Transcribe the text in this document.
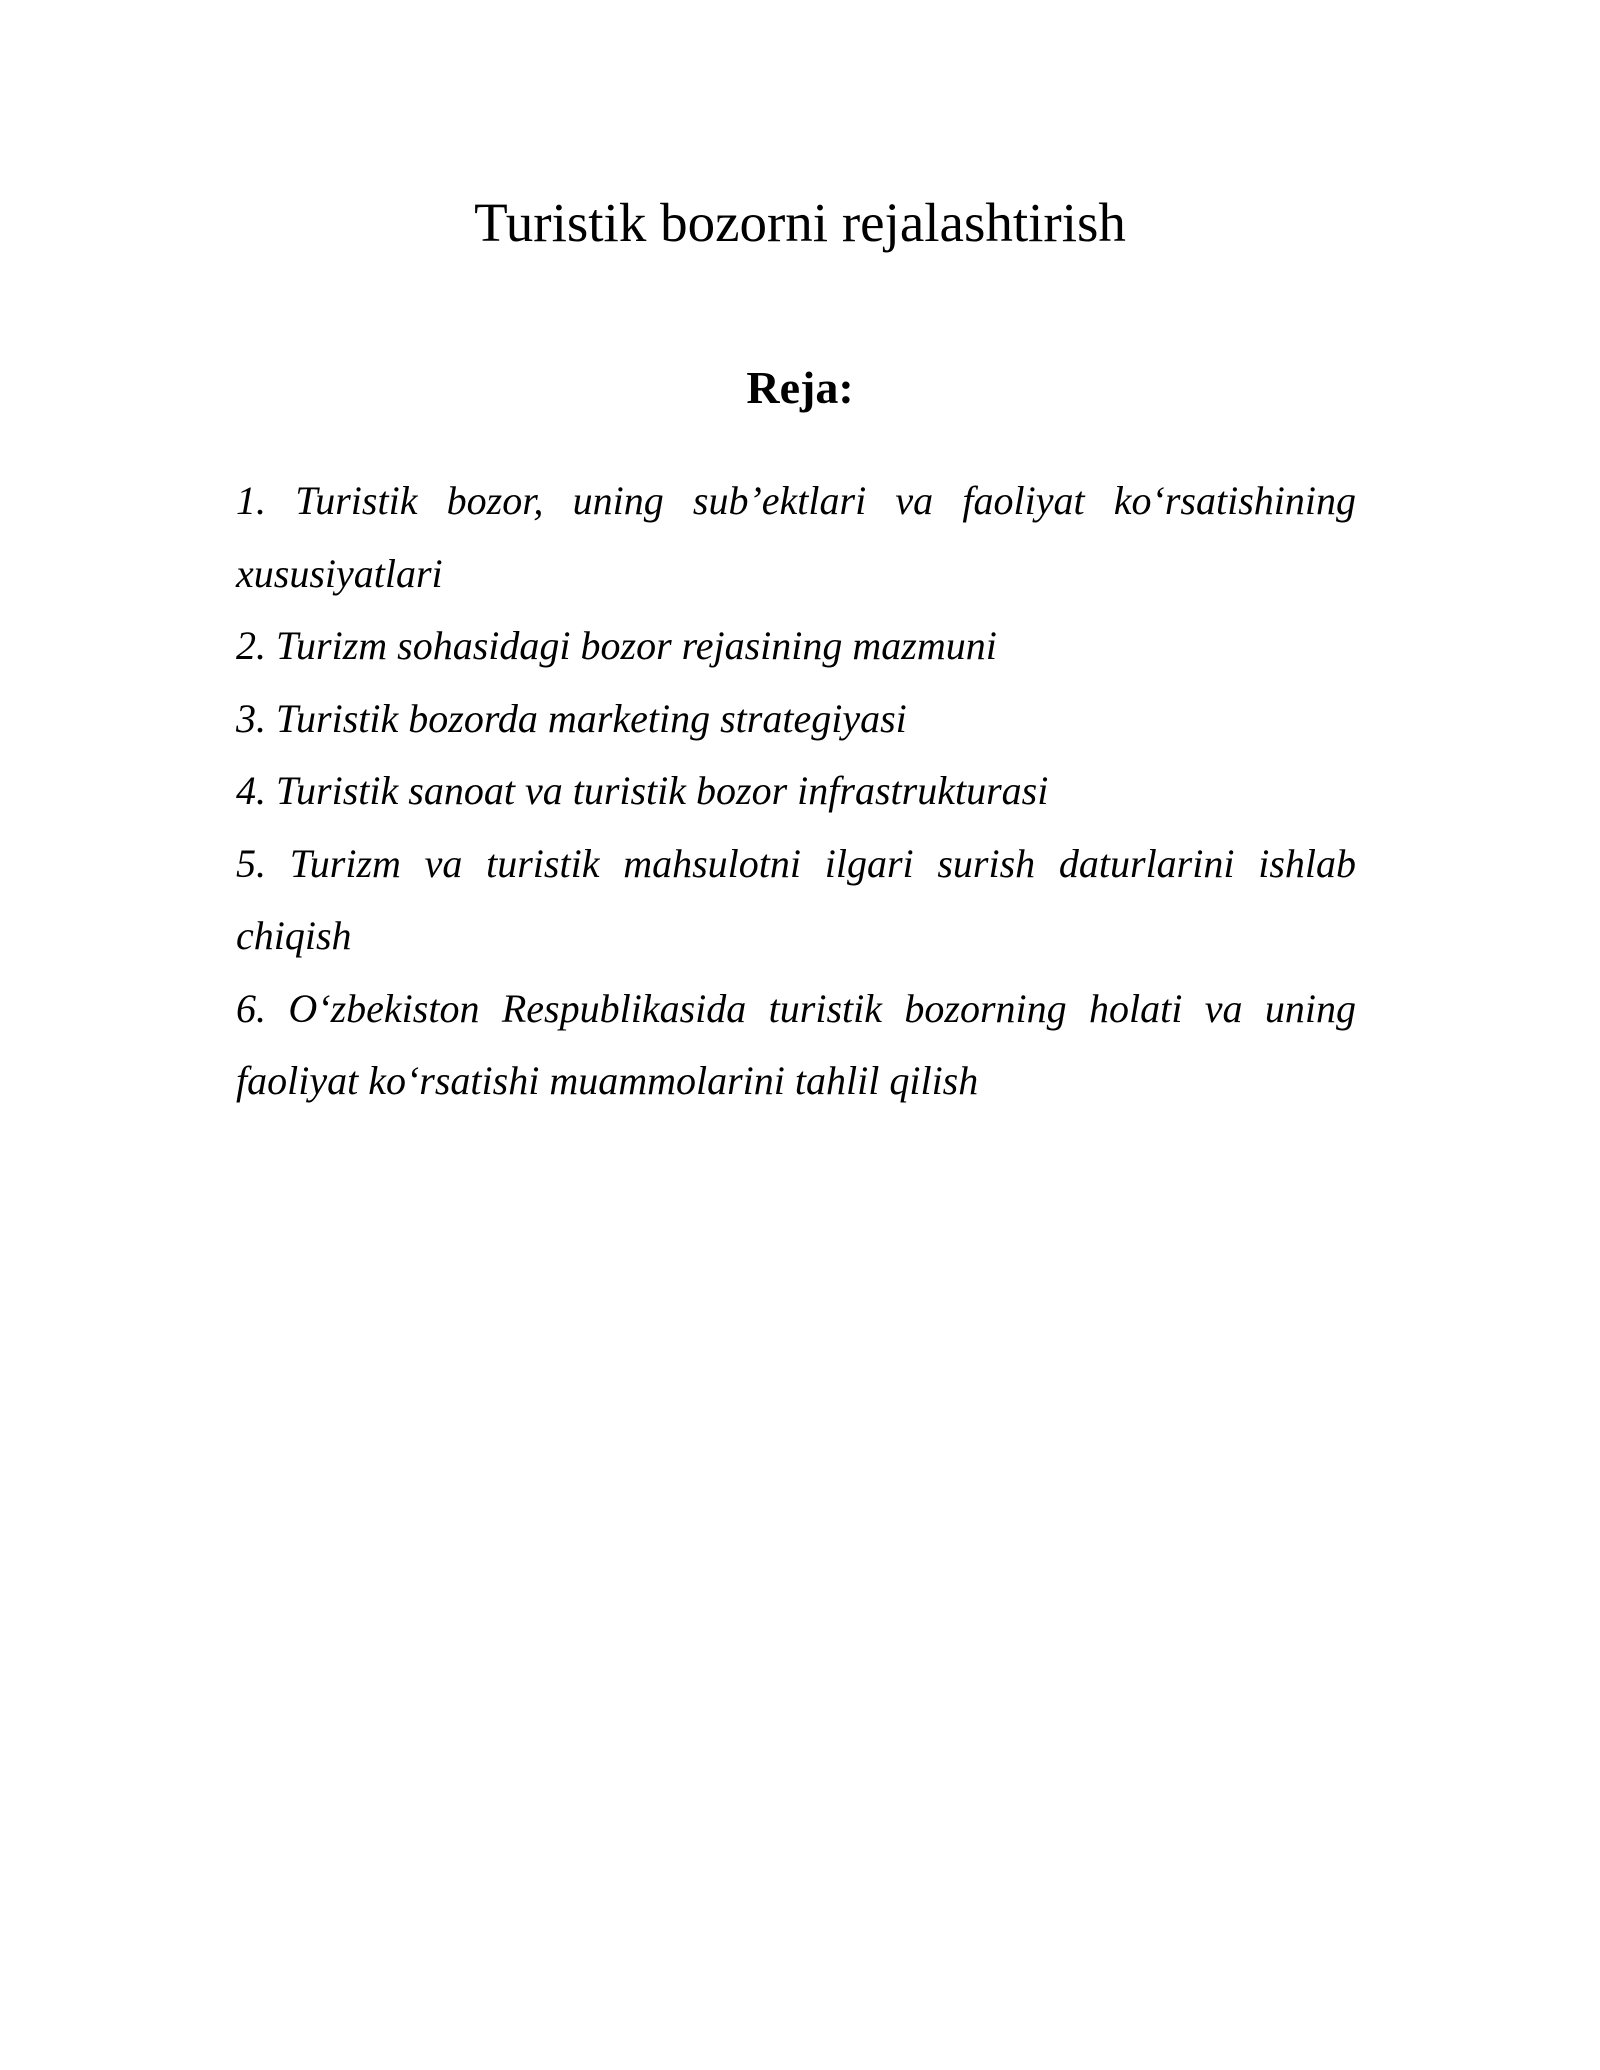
Turistik bozorni rejalashtirish
Reja:
1. Turistik bozor, uning sub’ektlari va faoliyat ko‘rsatishining xususiyatlari
2. Turizm sohasidagi bozor rejasining mazmuni
3. Turistik bozorda marketing strategiyasi
4. Turistik sanoat va turistik bozor infrastrukturasi
5. Turizm va turistik mahsulotni ilgari surish daturlarini ishlab chiqish
6. O‘zbekiston Respublikasida turistik bozorning holati va uning faoliyat ko‘rsatishi muammolarini tahlil qilish
